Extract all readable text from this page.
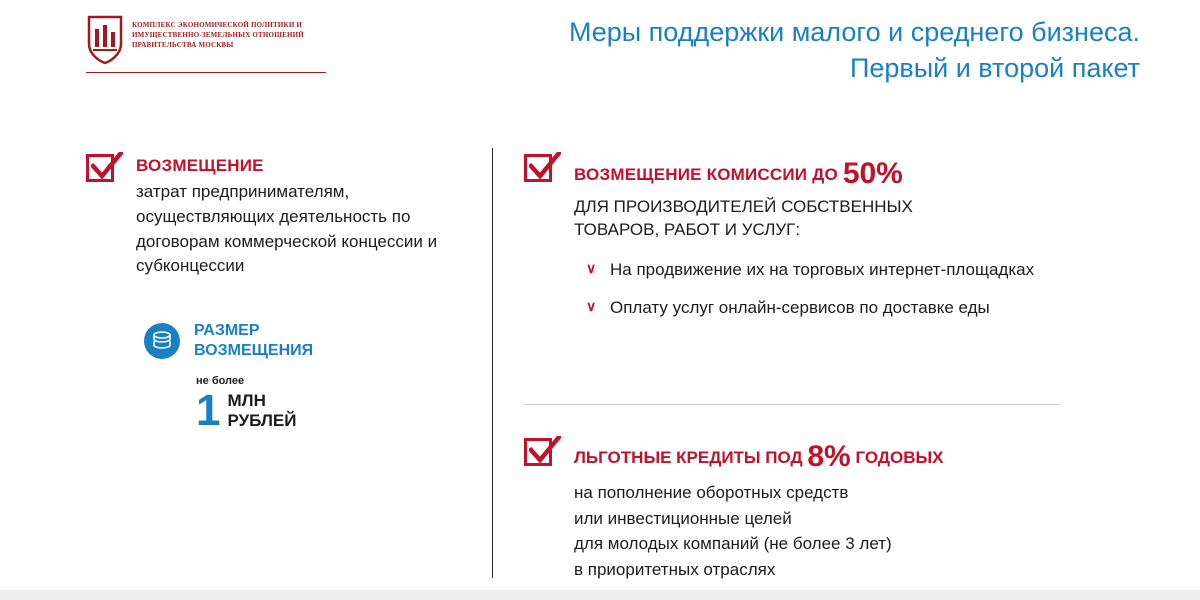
КОМПЛЕКС ЭКОНОМИЧЕСКОЙ ПОЛИТИКИ И ИМУЩЕСТВЕННО-ЗЕМЕЛЬНЫХ ОТНОШЕНИЙ ПРАВИТЕЛЬСТВА МОСКВЫ	Меры поддержки малого и среднего бизнеса.
Первый и второй пакет
ВОЗМЕЩЕНИЕ
затрат предпринимателям, осуществляющих деятельность по договорам коммерческой концессии и субконцессии
РАЗМЕР
ВОЗМЕЩЕНИЯ
не более
1 МЛН
РУБЛЕЙ
ВОЗМЕЩЕНИЕ КОМИССИИ ДО 50%
ДЛЯ ПРОИЗВОДИТЕЛЕЙ СОБСТВЕННЫХ
ТОВАРОВ, РАБОТ И УСЛУГ:
∨ На продвижение их на торговых интернет-площадках
∨ Оплату услуг онлайн-сервисов по доставке еды
ЛЬГОТНЫЕ КРЕДИТЫ ПОД 8% ГОДОВЫХ
на пополнение оборотных средств
или инвестиционные целей
для молодых компаний (не более 3 лет)
в приоритетных отраслях
